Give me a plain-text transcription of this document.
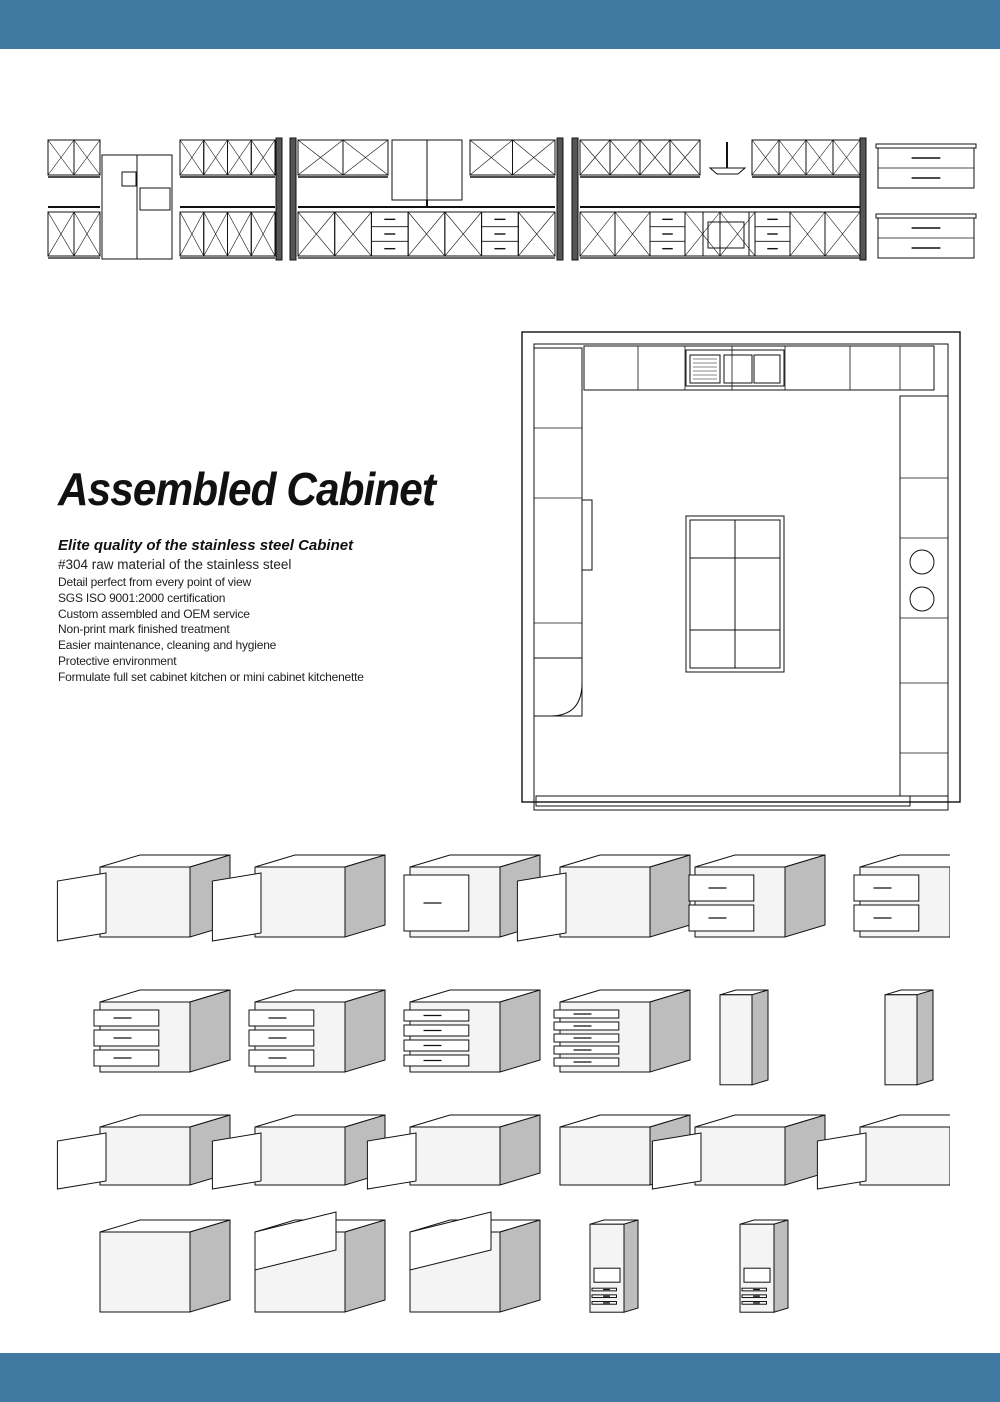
Assembled Cabinet
Elite quality of the stainless steel Cabinet

#304 raw material of the stainless steel

Detail perfect from every point of view
SGS ISO 9001:2000 certification
Custom assembled and OEM service
Non-print mark finished treatment
Easier maintenance, cleaning and hygiene
Protective environment
Formulate full set cabinet kitchen or mini cabinet kitchenette
